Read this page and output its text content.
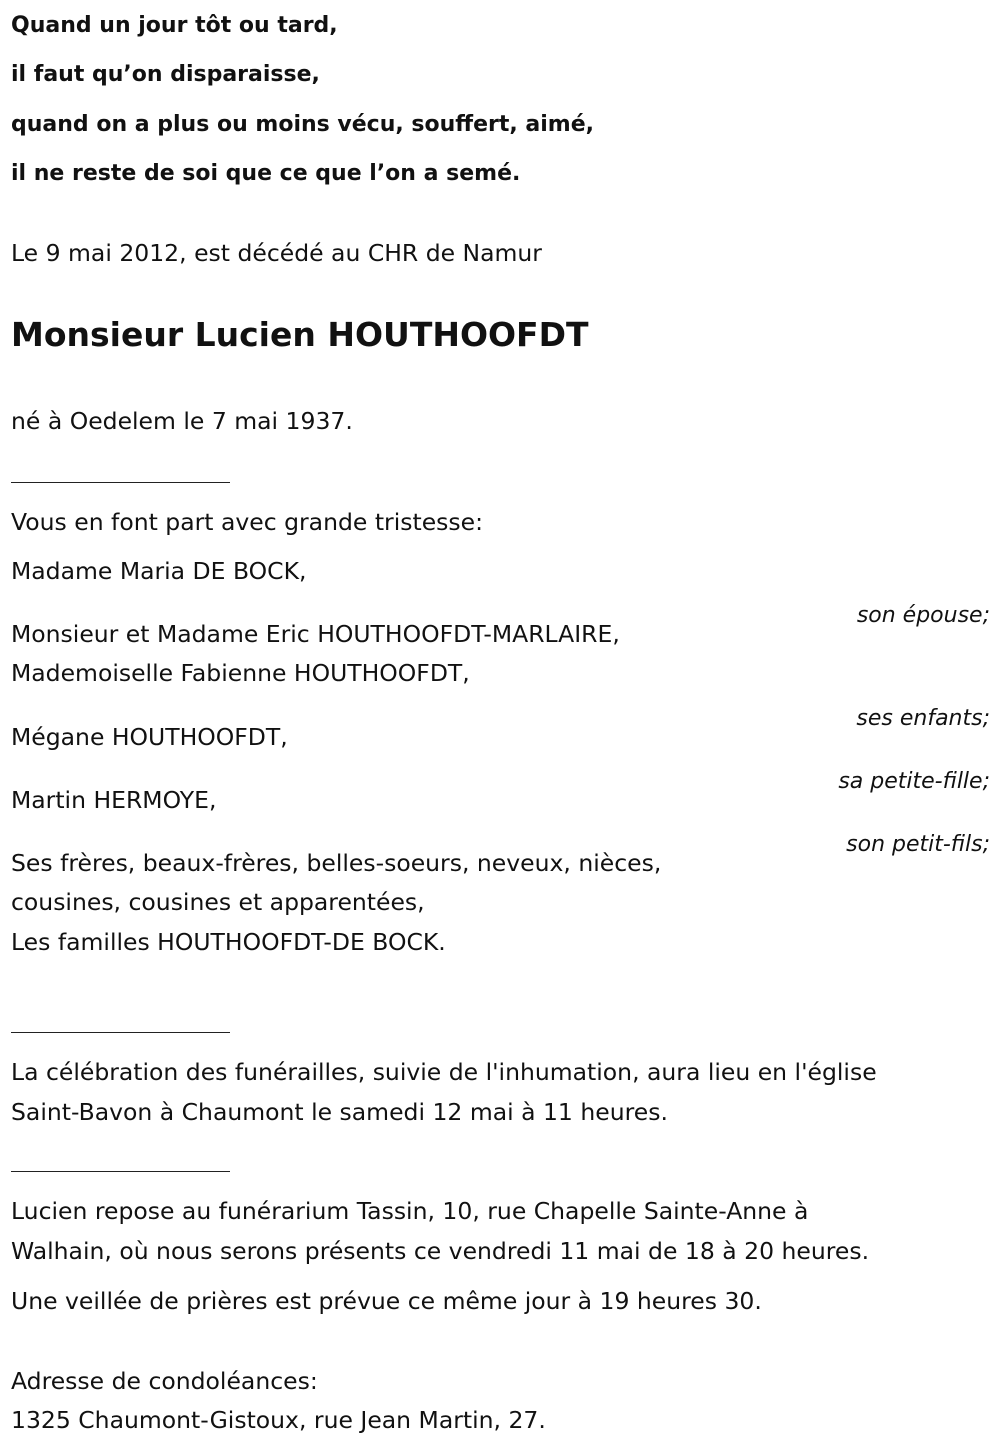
Quand un jour tôt ou tard,

il faut qu’on disparaisse,

quand on a plus ou moins vécu, souffert, aimé,

il ne reste de soi que ce que l’on a semé.

Le 9 mai 2012, est décédé au CHR de Namur

Monsieur Lucien HOUTHOOFDT

né à Oedelem le 7 mai 1937.

Vous en font part avec grande tristesse:

Madame Maria DE BOCK,

son épouse;

Monsieur et Madame Eric HOUTHOOFDT-MARLAIRE,

Mademoiselle Fabienne HOUTHOOFDT,

ses enfants;

Mégane HOUTHOOFDT,

sa petite-fille;

Martin HERMOYE,

son petit-fils;

Ses frères, beaux-frères, belles-soeurs, neveux, nièces,

cousines, cousines et apparentées,

Les familles HOUTHOOFDT-DE BOCK.

La célébration des funérailles, suivie de l'inhumation, aura lieu en l'église

Saint-Bavon à Chaumont le samedi 12 mai à 11 heures.

Lucien repose au funérarium Tassin, 10, rue Chapelle Sainte-Anne à

Walhain, où nous serons présents ce vendredi 11 mai de 18 à 20 heures.

Une veillée de prières est prévue ce même jour à 19 heures 30.

Adresse de condoléances:

1325 Chaumont-Gistoux, rue Jean Martin, 27.
